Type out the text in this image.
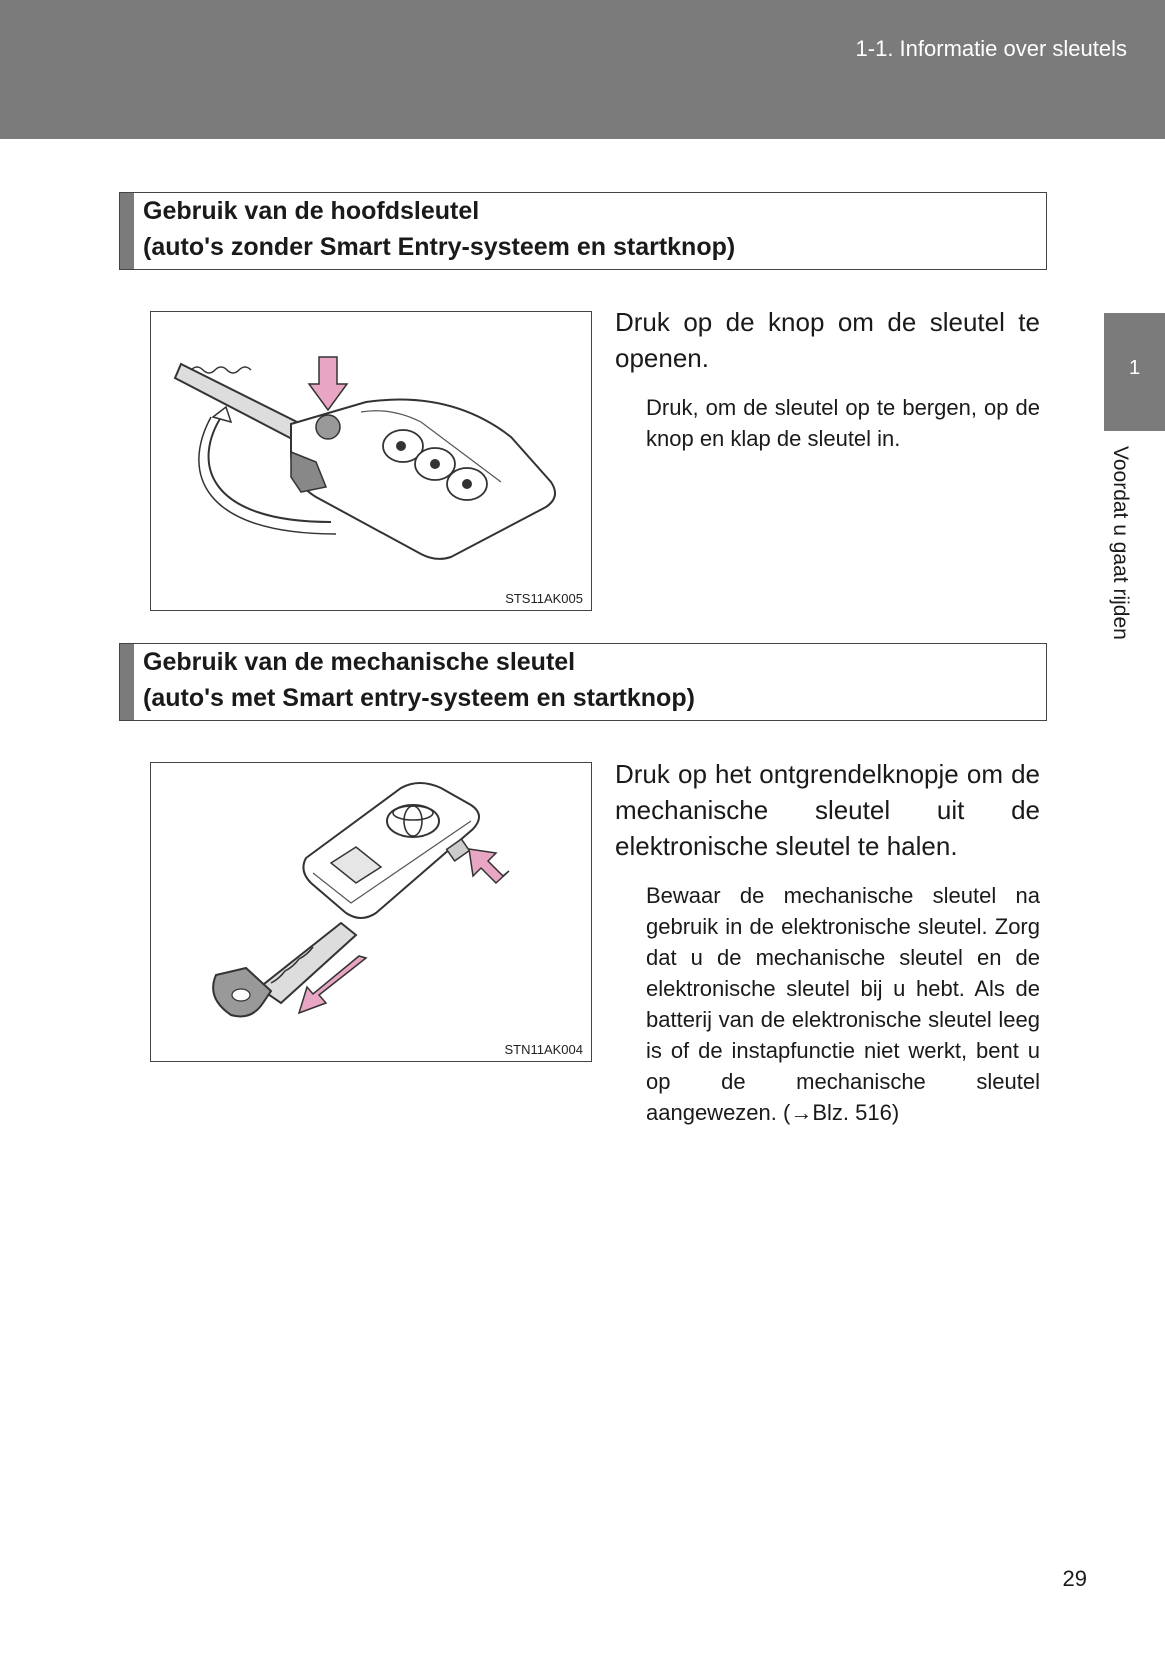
1-1. Informatie over sleutels
1
Voordat u gaat rijden
Gebruik van de hoofdsleutel
(auto's zonder Smart Entry-systeem en startknop)
STS11AK005

Druk op de knop om de sleutel te openen.

Druk, om de sleutel op te bergen, op de knop en klap de sleutel in.

Gebruik van de mechanische sleutel
(auto's met Smart entry-systeem en startknop)
STN11AK004

Druk op het ontgrendelknopje om de mechanische sleutel uit de elektronische sleutel te halen.

Bewaar de mechanische sleutel na gebruik in de elektronische sleutel. Zorg dat u de mechanische sleutel en de elektronische sleutel bij u hebt. Als de batterij van de elektronische sleutel leeg is of de instapfunctie niet werkt, bent u op de mechanische sleutel aangewezen. (→Blz. 516)

29
